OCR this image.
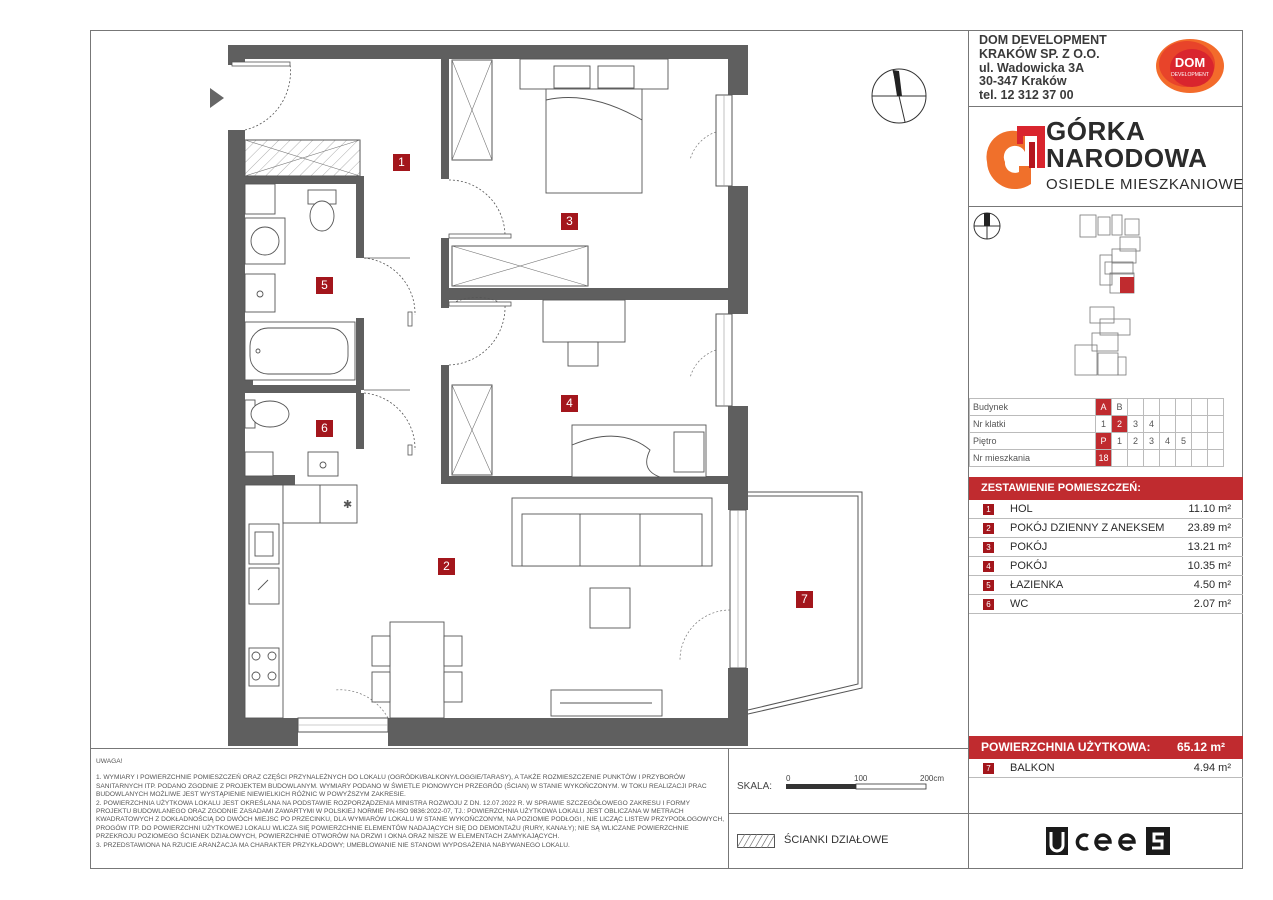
DOM DEVELOPMENT
KRAKÓW SP. Z O.O.
ul. Wadowicka 3A
30-347 Kraków
tel. 12 312 37 00
DOM
DEVELOPMENT
GÓRKA
NARODOWA
OSIEDLE MIESZKANIOWE
Budynek	A	B						
Nr klatki	1	2	3	4				
Piętro	P	1	2	3	4	5		
Nr mieszkania	18							
ZESTAWIENIE POMIESZCZEŃ:
1 HOL	11.10 m²
2 POKÓJ DZIENNY Z ANEKSEM 23.89 m²
3 POKÓJ	13.21 m²
4 POKÓJ	10.35 m²
5 ŁAZIENKA	4.50 m²
6 WC	2.07 m²
POWIERZCHNIA UŻYTKOWA: 65.12 m²
7 BALKON	4.94 m²
UWAGA!
1. WYMIARY I POWIERZCHNIE POMIESZCZEŃ ORAZ CZĘŚCI PRZYNALEŻNYCH DO LOKALU (OGRÓDKI/BALKONY/LOGGIE/TARASY), A TAKŻE ROZMIESZCZENIE PUNKTÓW I PRZYBORÓW SANITARNYCH ITP. PODANO ZGODNIE Z PROJEKTEM BUDOWLANYM. WYMIARY PODANO W ŚWIETLE PIONOWYCH PRZEGRÓD (ŚCIAN) W STANIE WYKOŃCZONYM. W TOKU REALIZACJI PRAC BUDOWLANYCH MOŻLIWE JEST WYSTĄPIENIE NIEWIELKICH RÓŻNIC W POWYŻSZYM ZAKRESIE.
2. POWIERZCHNIA UŻYTKOWA LOKALU JEST OKREŚLANA NA PODSTAWIE ROZPORZĄDZENIA MINISTRA ROZWOJU Z DN. 12.07.2022 R. W SPRAWIE SZCZEGÓŁOWEGO ZAKRESU I FORMY PROJEKTU BUDOWLANEGO ORAZ ZGODNIE ZASADAMI ZAWARTYMI W POLSKIEJ NORMIE PN-ISO 9836:2022-07, TJ.: POWIERZCHNIA UŻYTKOWA LOKALU JEST OBLICZANA W METRACH KWADRATOWYCH Z DOKŁADNOŚCIĄ DO DWÓCH MIEJSC PO PRZECINKU, DLA WYMIARÓW LOKALU W STANIE WYKOŃCZONYM, NA POZIOMIE PODŁOGI , NIE LICZĄC LISTEW PRZYPODŁOGOWYCH, PROGÓW ITP. DO POWIERZCHNI UŻYTKOWEJ LOKALU WLICZA SIĘ POWIERZCHNIE ELEMENTÓW NADAJĄCYCH SIĘ DO DEMONTAŻU (RURY, KANAŁY); NIE SĄ WLICZANE POWIERZCHNIE PRZEKROJU POZIOMEGO ŚCIANEK DZIAŁOWYCH, POWIERZCHNIE OTWORÓW NA DRZWI I OKNA ORAZ NISZE W ELEMENTACH ZAMYKAJĄCYCH.
3. PRZEDSTAWIONA NA RZUCIE ARANŻACJA MA CHARAKTER PRZYKŁADOWY; UMEBLOWANIE NIE STANOWI WYPOSAŻENIA NABYWANEGO LOKALU.
SKALA:
0	100	200cm
ŚCIANKI DZIAŁOWE
✱
1
2
3
4
5
6
7
